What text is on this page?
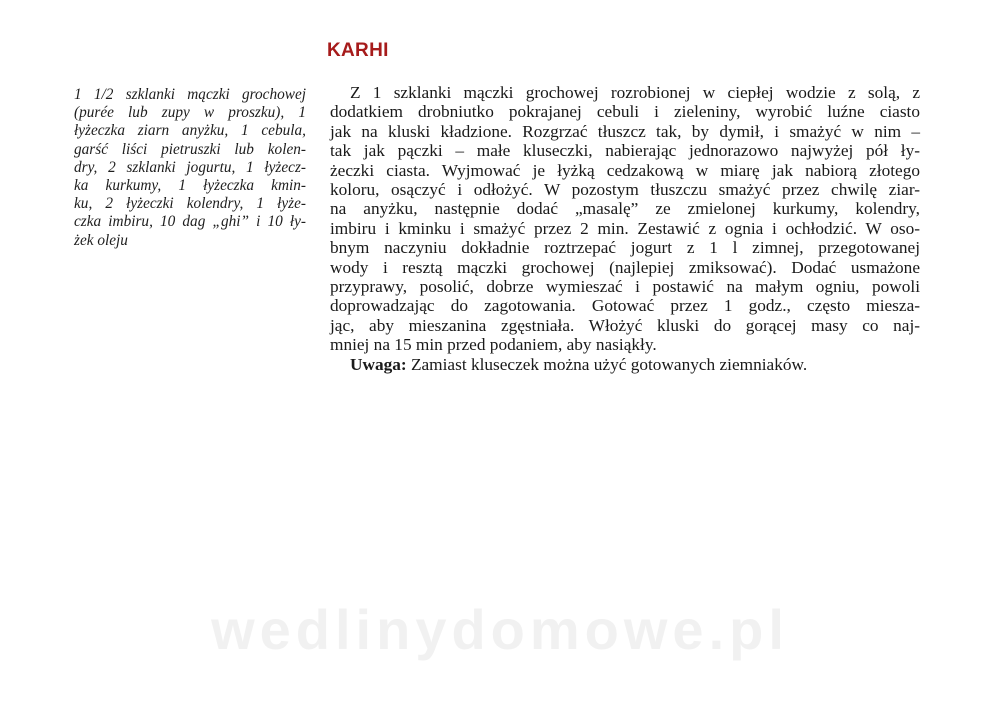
KARHI
1 1/2 szklanki mączki grochowej
(purée lub zupy w proszku), 1
łyżeczka ziarn anyżku, 1 cebula,
garść liści pietruszki lub kolen-
dry, 2 szklanki jogurtu, 1 łyżecz-
ka kurkumy, 1 łyżeczka kmin-
ku, 2 łyżeczki kolendry, 1 łyże-
czka imbiru, 10 dag „ghi” i 10 ły-
żek oleju
Z 1 szklanki mączki grochowej rozrobionej w ciepłej wodzie z solą, z
dodatkiem drobniutko pokrajanej cebuli i zieleniny, wyrobić luźne ciasto
jak na kluski kładzione. Rozgrzać tłuszcz tak, by dymił, i smażyć w nim –
tak jak pączki – małe kluseczki, nabierając jednorazowo najwyżej pół ły-
żeczki ciasta. Wyjmować je łyżką cedzakową w miarę jak nabiorą złotego
koloru, osączyć i odłożyć. W pozostym tłuszczu smażyć przez chwilę ziar-
na anyżku, następnie dodać „masalę” ze zmielonej kurkumy, kolendry,
imbiru i kminku i smażyć przez 2 min. Zestawić z ognia i ochłodzić. W oso-
bnym naczyniu dokładnie roztrzepać jogurt z 1 l zimnej, przegotowanej
wody i resztą mączki grochowej (najlepiej zmiksować). Dodać usmażone
przyprawy, posolić, dobrze wymieszać i postawić na małym ogniu, powoli
doprowadzając do zagotowania. Gotować przez 1 godz., często miesza-
jąc, aby mieszanina zgęstniała. Włożyć kluski do gorącej masy co naj-
mniej na 15 min przed podaniem, aby nasiąkły.
Uwaga: Zamiast kluseczek można użyć gotowanych ziemniaków.
wedlinydomowe.pl
